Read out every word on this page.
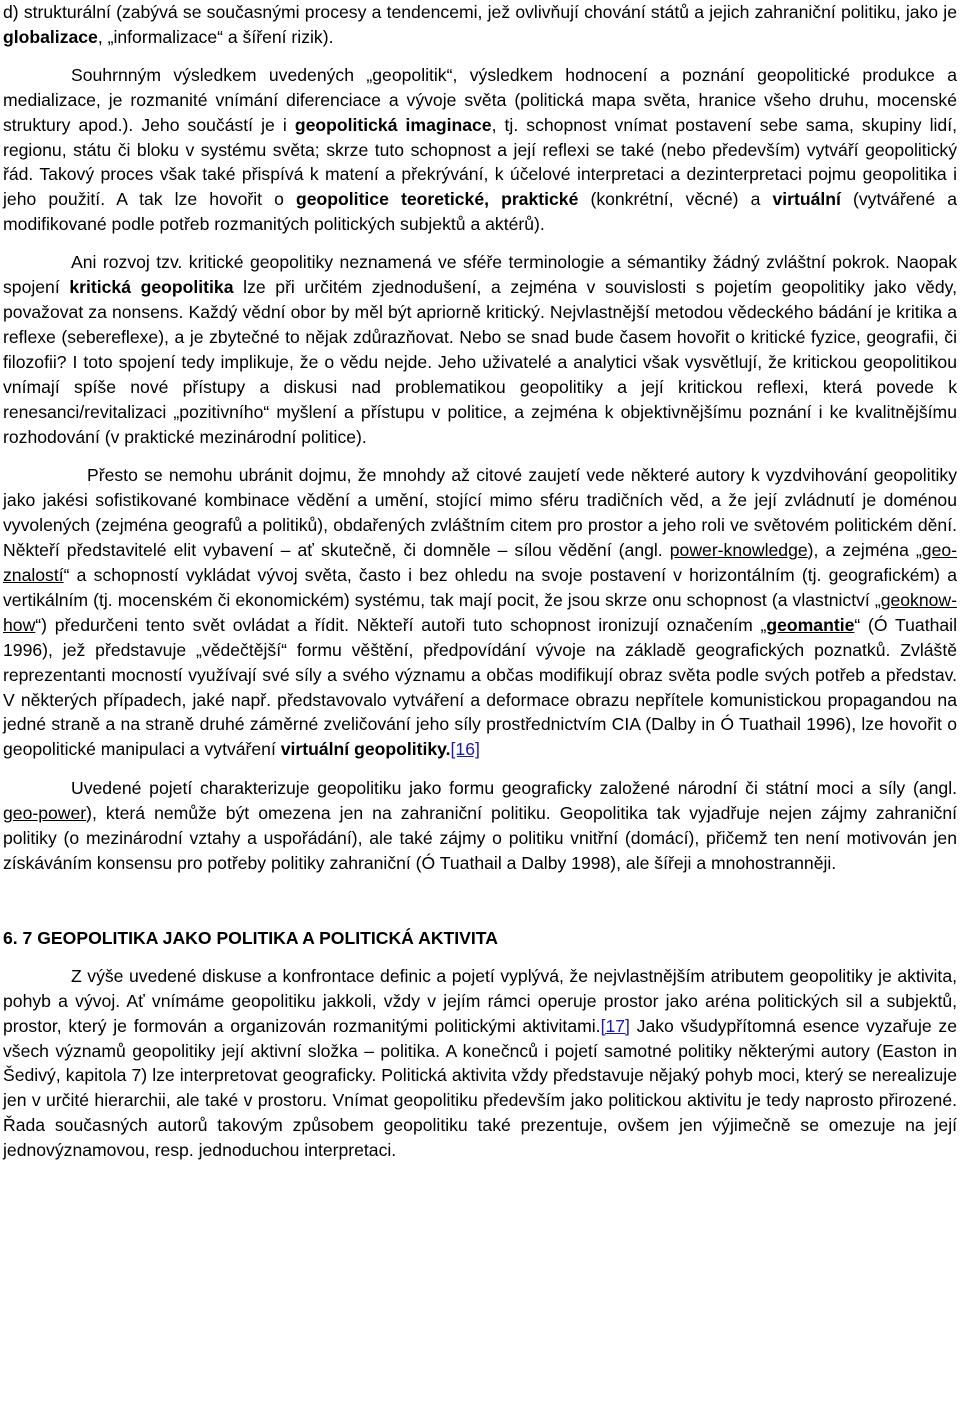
d) strukturální (zabývá se současnými procesy a tendencemi, jež ovlivňují chování států a jejich zahraniční politiku, jako je globalizace, „informalizace“ a šíření rizik).

Souhrnným výsledkem uvedených „geopolitik“, výsledkem hodnocení a poznání geopolitické produkce a medializace, je rozmanité vnímání diferenciace a vývoje světa (politická mapa světa, hranice všeho druhu, mocenské struktury apod.). Jeho součástí je i geopolitická imaginace, tj. schopnost vnímat postavení sebe sama, skupiny lidí, regionu, státu či bloku v systému světa; skrze tuto schopnost a její reflexi se také (nebo především) vytváří geopolitický řád. Takový proces však také přispívá k matení a překrývání, k účelové interpretaci a dezinterpretaci pojmu geopolitika i jeho použití. A tak lze hovořit o geopolitice teoretické, praktické (konkrétní, věcné) a virtuální (vytvářené a modifikované podle potřeb rozmanitých politických subjektů a aktérů).

Ani rozvoj tzv. kritické geopolitiky neznamená ve sféře terminologie a sémantiky žádný zvláštní pokrok. Naopak spojení kritická geopolitika lze při určitém zjednodušení, a zejména v souvislosti s pojetím geopolitiky jako vědy, považovat za nonsens. Každý vědní obor by měl být apriorně kritický. Nejvlastnější metodou vědeckého bádání je kritika a reflexe (sebereflexe), a je zbytečné to nějak zdůrazňovat. Nebo se snad bude časem hovořit o kritické fyzice, geografii, či filozofii? I toto spojení tedy implikuje, že o vědu nejde. Jeho uživatelé a analytici však vysvětlují, že kritickou geopolitikou vnímají spíše nové přístupy a diskusi nad problematikou geopolitiky a její kritickou reflexi, která povede k renesanci/revitalizaci „pozitivního“ myšlení a přístupu v politice, a zejména k objektivnějšímu poznání i ke kvalitnějšímu rozhodování (v praktické mezinárodní politice).

Přesto se nemohu ubránit dojmu, že mnohdy až citové zaujetí vede některé autory k vyzdvihování geopolitiky jako jakési sofistikované kombinace vědění a umění, stojící mimo sféru tradičních věd, a že její zvládnutí je doménou vyvolených (zejména geografů a politiků), obdařených zvláštním citem pro prostor a jeho roli ve světovém politickém dění. Někteří představitelé elit vybavení – ať skutečně, či domněle – sílou vědění (angl. power-knowledge), a zejména „geo-znalostí“ a schopností vykládat vývoj světa, často i bez ohledu na svoje postavení v horizontálním (tj. geografickém) a vertikálním (tj. mocenském či ekonomickém) systému, tak mají pocit, že jsou skrze onu schopnost (a vlastnictví „geoknow-how“) předurčeni tento svět ovládat a řídit. Někteří autoři tuto schopnost ironizují označením „geomantie“ (Ó Tuathail 1996), jež představuje „vědečtější“ formu věštění, předpovídání vývoje na základě geografických poznatků. Zvláště reprezentanti mocností využívají své síly a svého významu a občas modifikují obraz světa podle svých potřeb a představ. V některých případech, jaké např. představovalo vytváření a deformace obrazu nepřítele komunistickou propagandou na jedné straně a na straně druhé záměrné zveličování jeho síly prostřednictvím CIA (Dalby in Ó Tuathail 1996), lze hovořit o geopolitické manipulaci a vytváření virtuální geopolitiky.[16]

Uvedené pojetí charakterizuje geopolitiku jako formu geograficky založené národní či státní moci a síly (angl. geo-power), která nemůže být omezena jen na zahraniční politiku. Geopolitika tak vyjadřuje nejen zájmy zahraniční politiky (o mezinárodní vztahy a uspořádání), ale také zájmy o politiku vnitřní (domácí), přičemž ten není motivován jen získáváním konsensu pro potřeby politiky zahraniční (Ó Tuathail a Dalby 1998), ale šířeji a mnohostranněji.

6. 7 GEOPOLITIKA JAKO POLITIKA A POLITICKÁ AKTIVITA

Z výše uvedené diskuse a konfrontace definic a pojetí vyplývá, že nejvlastnějším atributem geopolitiky je aktivita, pohyb a vývoj. Ať vnímáme geopolitiku jakkoli, vždy v jejím rámci operuje prostor jako aréna politických sil a subjektů, prostor, který je formován a organizován rozmanitými politickými aktivitami.[17] Jako všudypřítomná esence vyzařuje ze všech významů geopolitiky její aktivní složka – politika. A konečnců i pojetí samotné politiky některými autory (Easton in Šedivý, kapitola 7) lze interpretovat geograficky. Politická aktivita vždy představuje nějaký pohyb moci, který se nerealizuje jen v určité hierarchii, ale také v prostoru. Vnímat geopolitiku především jako politickou aktivitu je tedy naprosto přirozené. Řada současných autorů takovým způsobem geopolitiku také prezentuje, ovšem jen výjimečně se omezuje na její jednovýznamovou, resp. jednoduchou interpretaci.
